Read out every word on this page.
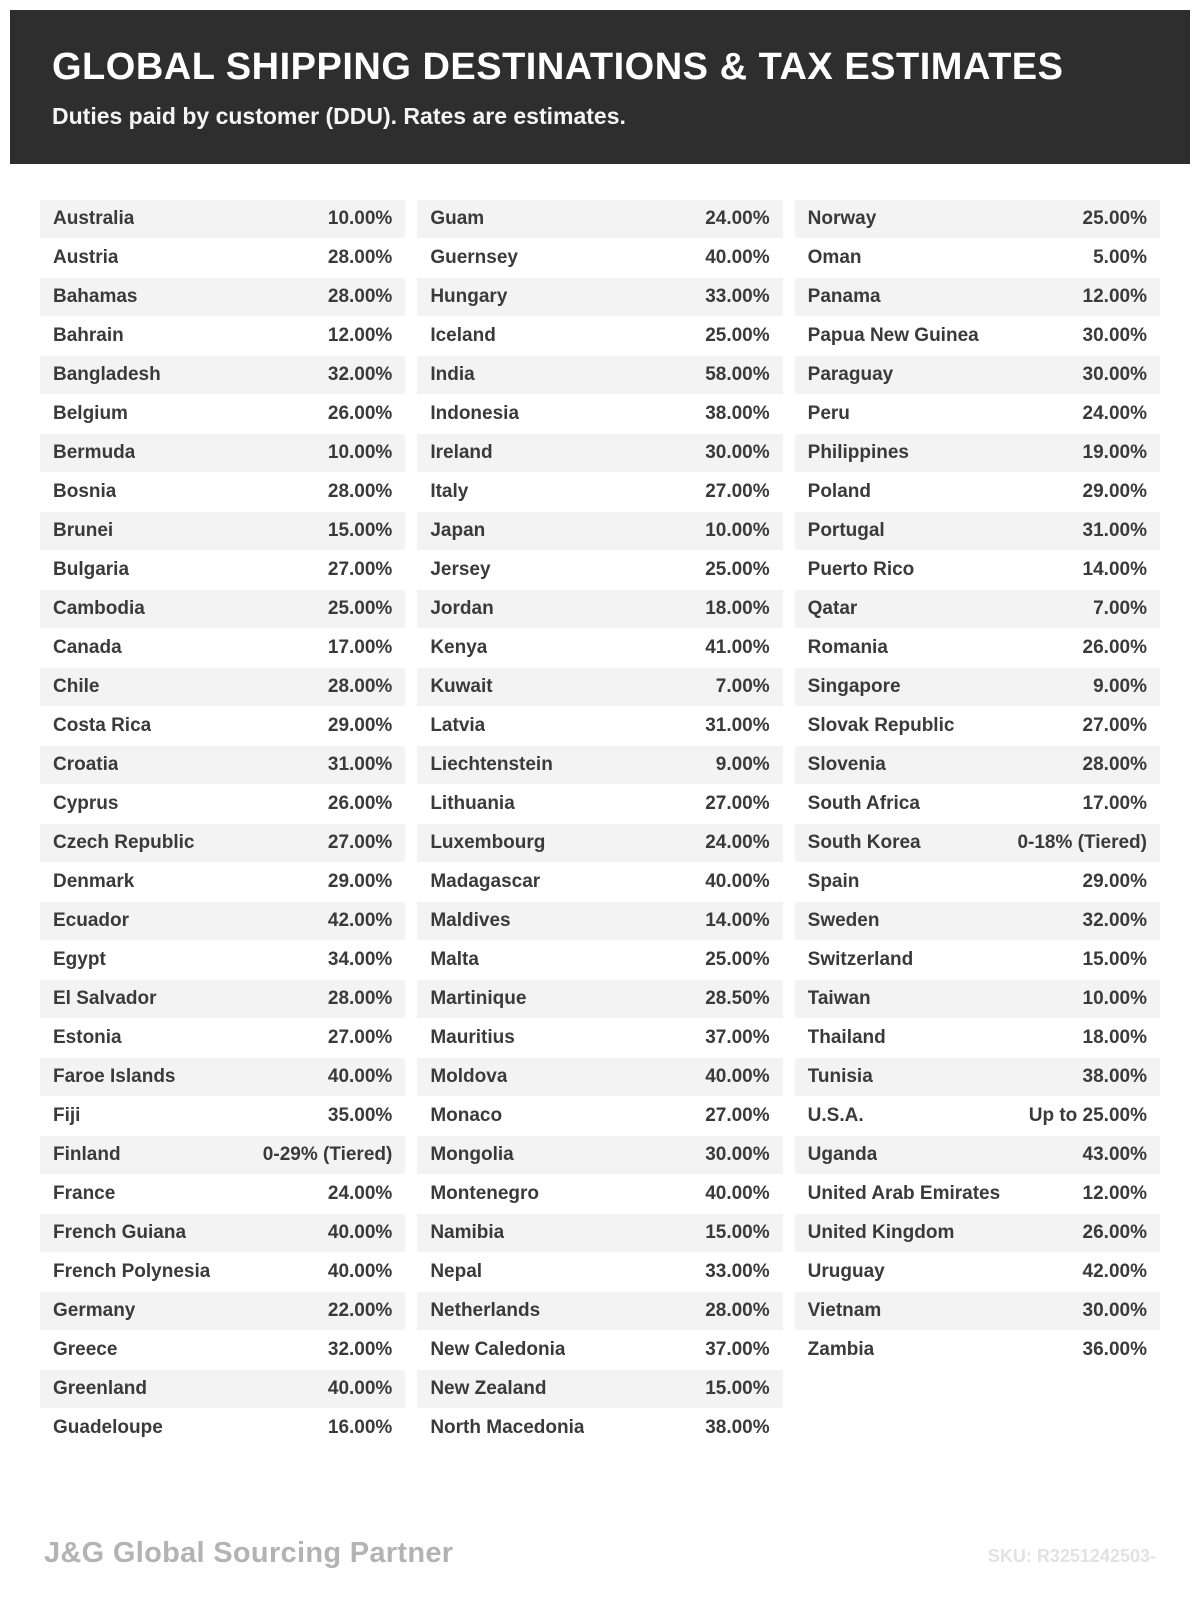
GLOBAL SHIPPING DESTINATIONS & TAX ESTIMATES
Duties paid by customer (DDU). Rates are estimates.
Australia	10.00%
Austria	28.00%
Bahamas	28.00%
Bahrain	12.00%
Bangladesh	32.00%
Belgium	26.00%
Bermuda	10.00%
Bosnia	28.00%
Brunei	15.00%
Bulgaria	27.00%
Cambodia	25.00%
Canada	17.00%
Chile	28.00%
Costa Rica	29.00%
Croatia	31.00%
Cyprus	26.00%
Czech Republic	27.00%
Denmark	29.00%
Ecuador	42.00%
Egypt	34.00%
El Salvador	28.00%
Estonia	27.00%
Faroe Islands	40.00%
Fiji	35.00%
Finland	0-29% (Tiered)
France	24.00%
French Guiana	40.00%
French Polynesia	40.00%
Germany	22.00%
Greece	32.00%
Greenland	40.00%
Guadeloupe	16.00%
Guam	24.00%
Guernsey	40.00%
Hungary	33.00%
Iceland	25.00%
India	58.00%
Indonesia	38.00%
Ireland	30.00%
Italy	27.00%
Japan	10.00%
Jersey	25.00%
Jordan	18.00%
Kenya	41.00%
Kuwait	7.00%
Latvia	31.00%
Liechtenstein	9.00%
Lithuania	27.00%
Luxembourg	24.00%
Madagascar	40.00%
Maldives	14.00%
Malta	25.00%
Martinique	28.50%
Mauritius	37.00%
Moldova	40.00%
Monaco	27.00%
Mongolia	30.00%
Montenegro	40.00%
Namibia	15.00%
Nepal	33.00%
Netherlands	28.00%
New Caledonia	37.00%
New Zealand	15.00%
North Macedonia	38.00%
Norway	25.00%
Oman	5.00%
Panama	12.00%
Papua New Guinea	30.00%
Paraguay	30.00%
Peru	24.00%
Philippines	19.00%
Poland	29.00%
Portugal	31.00%
Puerto Rico	14.00%
Qatar	7.00%
Romania	26.00%
Singapore	9.00%
Slovak Republic	27.00%
Slovenia	28.00%
South Africa	17.00%
South Korea	0-18% (Tiered)
Spain	29.00%
Sweden	32.00%
Switzerland	15.00%
Taiwan	10.00%
Thailand	18.00%
Tunisia	38.00%
U.S.A.	Up to 25.00%
Uganda	43.00%
United Arab Emirates	12.00%
United Kingdom	26.00%
Uruguay	42.00%
Vietnam	30.00%
Zambia	36.00%
J&G Global Sourcing Partner	SKU: R3251242503-
